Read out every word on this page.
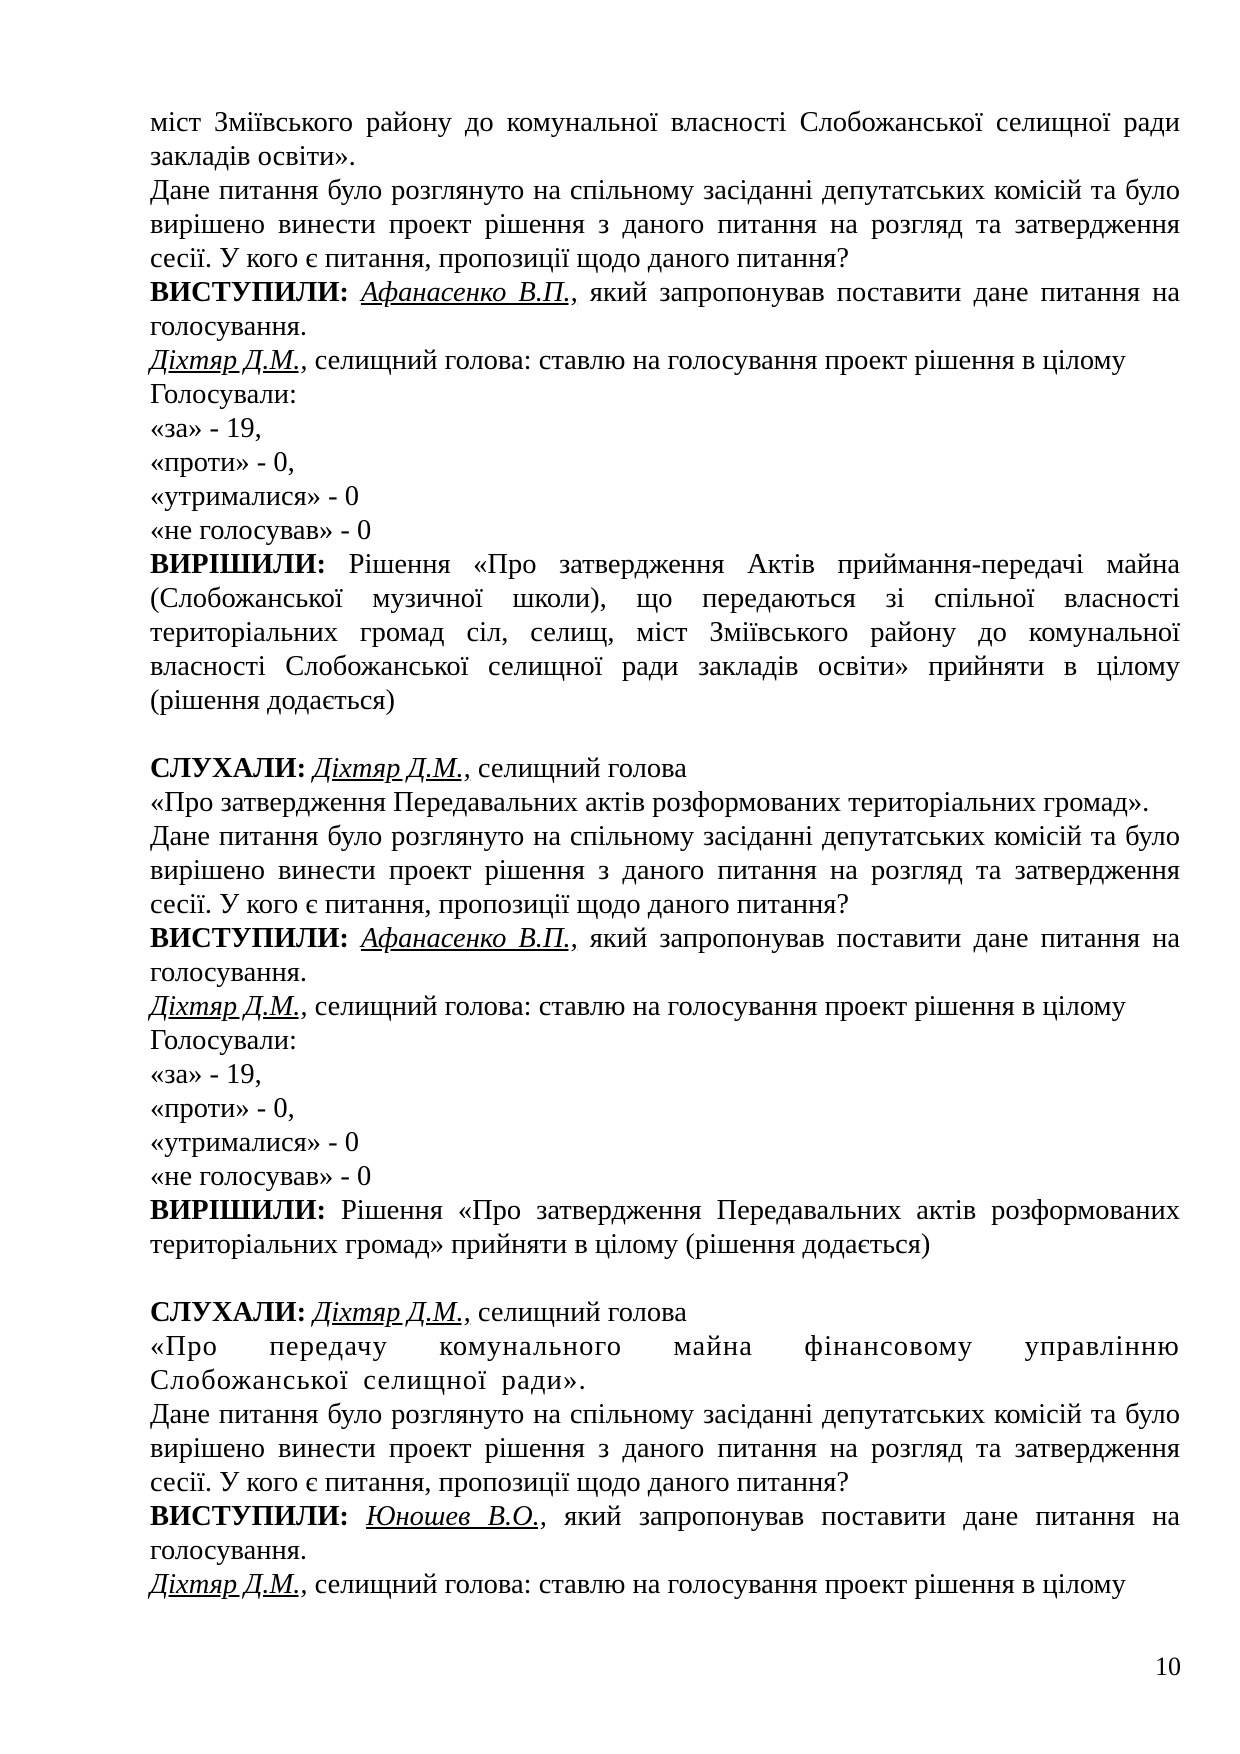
міст Зміївського району до комунальної власності Слобожанської селищної ради закладів освіти».
Дане питання було розглянуто на спільному засіданні депутатських комісій та було вирішено винести проект рішення з даного питання на розгляд та затвердження сесії. У кого є питання, пропозиції щодо даного питання?
ВИСТУПИЛИ: Афанасенко В.П., який запропонував поставити дане питання на голосування.
Діхтяр Д.М., селищний голова: ставлю на голосування проект рішення в цілому
Голосували:
«за» - 19,
«проти» - 0,
«утрималися» - 0
«не голосував» - 0
ВИРІШИЛИ: Рішення «Про затвердження Актів приймання-передачі майна (Слобожанської музичної школи), що передаються зі спільної власності територіальних громад сіл, селищ, міст Зміївського району до комунальної власності Слобожанської селищної ради закладів освіти» прийняти в цілому (рішення додається)
СЛУХАЛИ: Діхтяр Д.М., селищний голова
«Про затвердження Передавальних актів розформованих територіальних громад».
Дане питання було розглянуто на спільному засіданні депутатських комісій та було вирішено винести проект рішення з даного питання на розгляд та затвердження сесії. У кого є питання, пропозиції щодо даного питання?
ВИСТУПИЛИ: Афанасенко В.П., який запропонував поставити дане питання на голосування.
Діхтяр Д.М., селищний голова: ставлю на голосування проект рішення в цілому
Голосували:
«за» - 19,
«проти» - 0,
«утрималися» - 0
«не голосував» - 0
ВИРІШИЛИ: Рішення «Про затвердження Передавальних актів розформованих територіальних громад» прийняти в цілому (рішення додається)
СЛУХАЛИ: Діхтяр Д.М., селищний голова
«Про передачу комунального майна фінансовому управлінню Слобожанської селищної ради».
Дане питання було розглянуто на спільному засіданні депутатських комісій та було вирішено винести проект рішення з даного питання на розгляд та затвердження сесії. У кого є питання, пропозиції щодо даного питання?
ВИСТУПИЛИ: Юношев В.О., який запропонував поставити дане питання на голосування.
Діхтяр Д.М., селищний голова: ставлю на голосування проект рішення в цілому
10
